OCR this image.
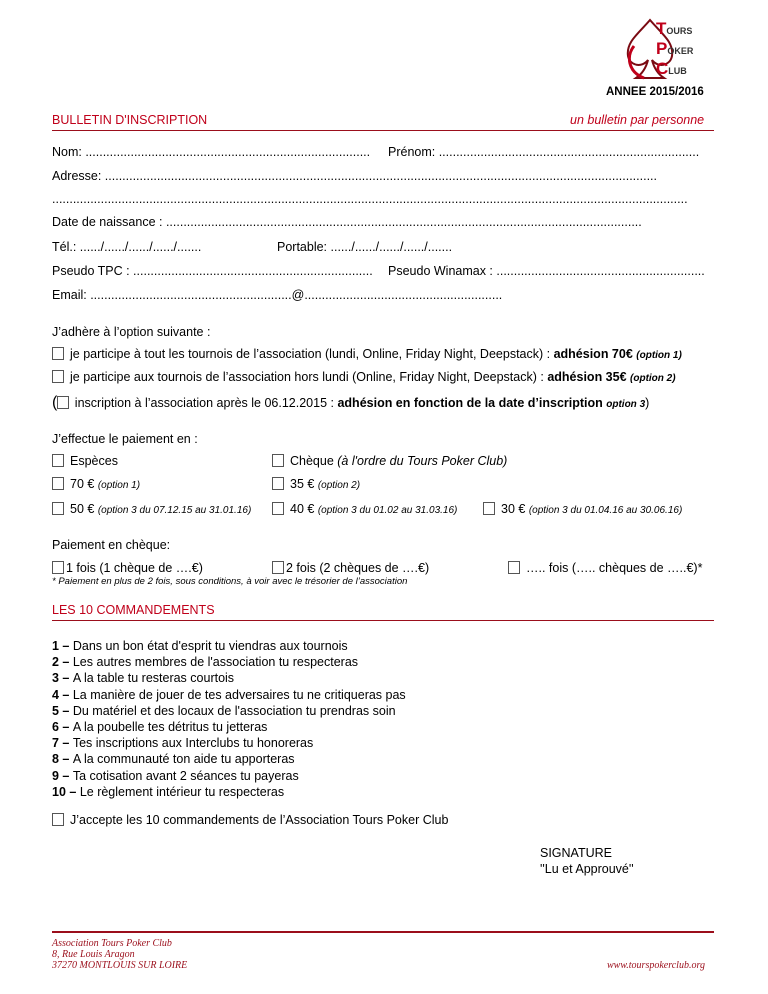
TOURS
POKER
CLUB
ANNEE 2015/2016
BULLETIN D'INSCRIPTION	un bulletin par personne
Nom: .................................................................................. Prénom: ...........................................................................
Adresse: ...............................................................................................................................................................
.......................................................................................................................................................................................
Date de naissance : .........................................................................................................................................
Tél.: ....../....../....../....../.......	Portable: ....../....../....../....../.......
Pseudo TPC : ..................................................................... Pseudo Winamax : ............................................................
Email: ..........................................................@.........................................................
J’adhère à l’option suivante :
je participe à tout les tournois de l’association (lundi, Online, Friday Night, Deepstack) : adhésion 70€ (option 1)
je participe aux tournois de l’association hors lundi (Online, Friday Night, Deepstack) : adhésion 35€ (option 2)
( inscription à l’association après le 06.12.2015 : adhésion en fonction de la date d’inscription option 3)
J’effectue le paiement en :
Espèces	Chèque (à l'ordre du Tours Poker Club)
70 € (option 1)	35 € (option 2)
50 € (option 3 du 07.12.15 au 31.01.16)	40 € (option 3 du 01.02 au 31.03.16)	30 € (option 3 du 01.04.16 au 30.06.16)
Paiement en chèque:
1 fois (1 chèque de ….€)	2 fois (2 chèques de ….€)	….. fois (….. chèques de …..€)*
* Paiement en plus de 2 fois, sous conditions, à voir avec le trésorier de l’association
LES 10 COMMANDEMENTS
1 – Dans un bon état d'esprit tu viendras aux tournois
2 – Les autres membres de l'association tu respecteras
3 – A la table tu resteras courtois
4 – La manière de jouer de tes adversaires tu ne critiqueras pas
5 – Du matériel et des locaux de l'association tu prendras soin
6 – A la poubelle tes détritus tu jetteras
7 – Tes inscriptions aux Interclubs tu honoreras
8 – A la communauté ton aide tu apporteras
9 – Ta cotisation avant 2 séances tu payeras
10 – Le règlement intérieur tu respecteras
J’accepte les 10 commandements de l’Association Tours Poker Club
SIGNATURE
''Lu et Approuvé''
Association Tours Poker Club
8, Rue Louis Aragon
37270 MONTLOUIS SUR LOIRE	www.tourspokerclub.org
